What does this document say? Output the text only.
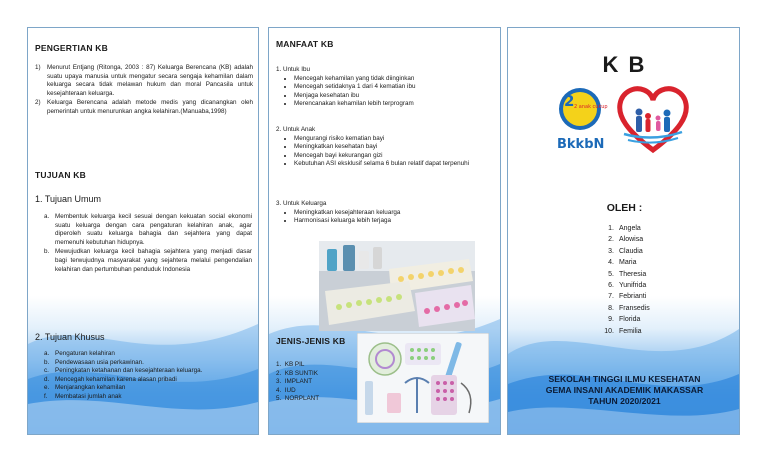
PENGERTIAN KB
1)	Menurut Entjang (Ritonga, 2003 : 87) Keluarga Berencana (KB) adalah suatu upaya manusia untuk mengatur secara sengaja kehamilan dalam keluarga secara tidak melawan hukum dan moral Pancasila untuk kesejahteraan keluarga.
2)	Keluarga Berencana adalah metode medis yang dicanangkan oleh pemerintah untuk menurunkan angka kelahiran.(Manuaba,1998)
TUJUAN KB
1. Tujuan Umum
a. Membentuk keluarga kecil sesuai dengan kekuatan social ekonomi suatu keluarga dengan cara pengaturan kelahiran anak, agar diperoleh suatu keluarga bahagia dan sejahtera yang dapat memenuhi kebutuhan hidupnya.
b. Mewujudkan keluarga kecil bahagia sejahtera yang menjadi dasar bagi terwujudnya masyarakat yang sejahtera melalui pengendalian kelahiran dan pertumbuhan penduduk Indonesia
2. Tujuan Khusus
a. Pengaturan kelahiran
b. Pendewasaan usia perkawinan.
c. Peningkatan ketahanan dan kesejahteraan keluarga.
d. Mencegah kehamilan karena alasan pribadi
e. Menjarangkan kehamilan
f.	Membatasi jumlah anak
MANFAAT KB
1. Untuk Ibu
• Mencegah kehamilan yang tidak diinginkan
• Mencegah setidaknya 1 dari 4 kematian ibu
• Menjaga kesehatan ibu
• Merencanakan kehamilan lebih terprogram
2. Untuk Anak
• Mengurangi risiko kematian bayi
• Meningkatkan kesehatan bayi
• Mencegah bayi kekurangan gizi
• Kebutuhan ASI eksklusif selama 6 bulan relatif dapat terpenuhi
3. Untuk Keluarga
• Meningkatkan kesejahteraan keluarga
• Harmonisasi keluarga lebih terjaga
JENIS-JENIS KB
1.  KB PIL
2.  KB SUNTIK
3.  IMPLANT
4.  IUD
5.  NORPLANT
K B
2 2 anak cukup
BkkbN
OLEH :
1. Angela
2. Alowisa
3. Claudia
4. Maria
5. Theresia
6. Yunifrida
7. Febrianti
8. Fransedis
9. Florida
10. Femilia
SEKOLAH TINGGI ILMU KESEHATAN
GEMA INSANI AKADEMIK MAKASSAR
TAHUN 2020/2021
